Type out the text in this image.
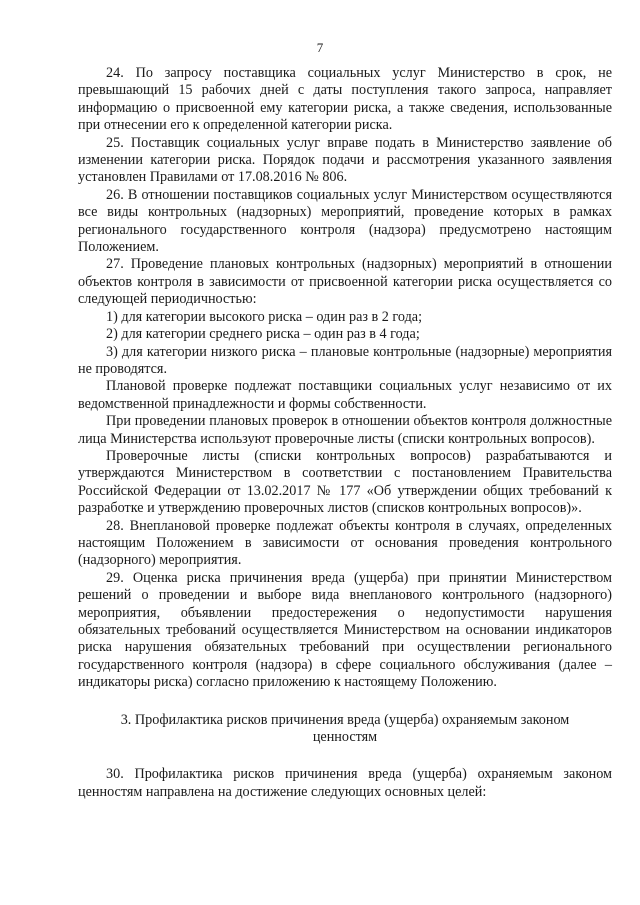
7

24. По запросу поставщика социальных услуг Министерство в срок, не превышающий 15 рабочих дней с даты поступления такого запроса, направляет информацию о присвоенной ему категории риска, а также сведения, использованные при отнесении его к определенной категории риска.

25. Поставщик социальных услуг вправе подать в Министерство заявление об изменении категории риска. Порядок подачи и рассмотрения указанного заявления установлен Правилами от 17.08.2016 № 806.

26. В отношении поставщиков социальных услуг Министерством осуществляются все виды контрольных (надзорных) мероприятий, проведение которых в рамках регионального государственного контроля (надзора) предусмотрено настоящим Положением.

27. Проведение плановых контрольных (надзорных) мероприятий в отношении объектов контроля в зависимости от присвоенной категории риска осуществляется со следующей периодичностью:

1) для категории высокого риска – один раз в 2 года;

2) для категории среднего риска – один раз в 4 года;

3) для категории низкого риска – плановые контрольные (надзорные) мероприятия не проводятся.

Плановой проверке подлежат поставщики социальных услуг независимо от их ведомственной принадлежности и формы собственности.

При проведении плановых проверок в отношении объектов контроля должностные лица Министерства используют проверочные листы (списки контрольных вопросов).

Проверочные листы (списки контрольных вопросов) разрабатываются и утверждаются Министерством в соответствии с постановлением Правительства Российской Федерации от 13.02.2017 № 177 «Об утверждении общих требований к разработке и утверждению проверочных листов (списков контрольных вопросов)».

28. Внеплановой проверке подлежат объекты контроля в случаях, определенных настоящим Положением в зависимости от основания проведения контрольного (надзорного) мероприятия.

29. Оценка риска причинения вреда (ущерба) при принятии Министерством решений о проведении и выборе вида внепланового контрольного (надзорного) мероприятия, объявлении предостережения о недопустимости нарушения обязательных требований осуществляется Министерством на основании индикаторов риска нарушения обязательных требований при осуществлении регионального государственного контроля (надзора) в сфере социального обслуживания (далее – индикаторы риска) согласно приложению к настоящему Положению.

3. Профилактика рисков причинения вреда (ущерба) охраняемым законом ценностям

30. Профилактика рисков причинения вреда (ущерба) охраняемым законом ценностям направлена на достижение следующих основных целей:
